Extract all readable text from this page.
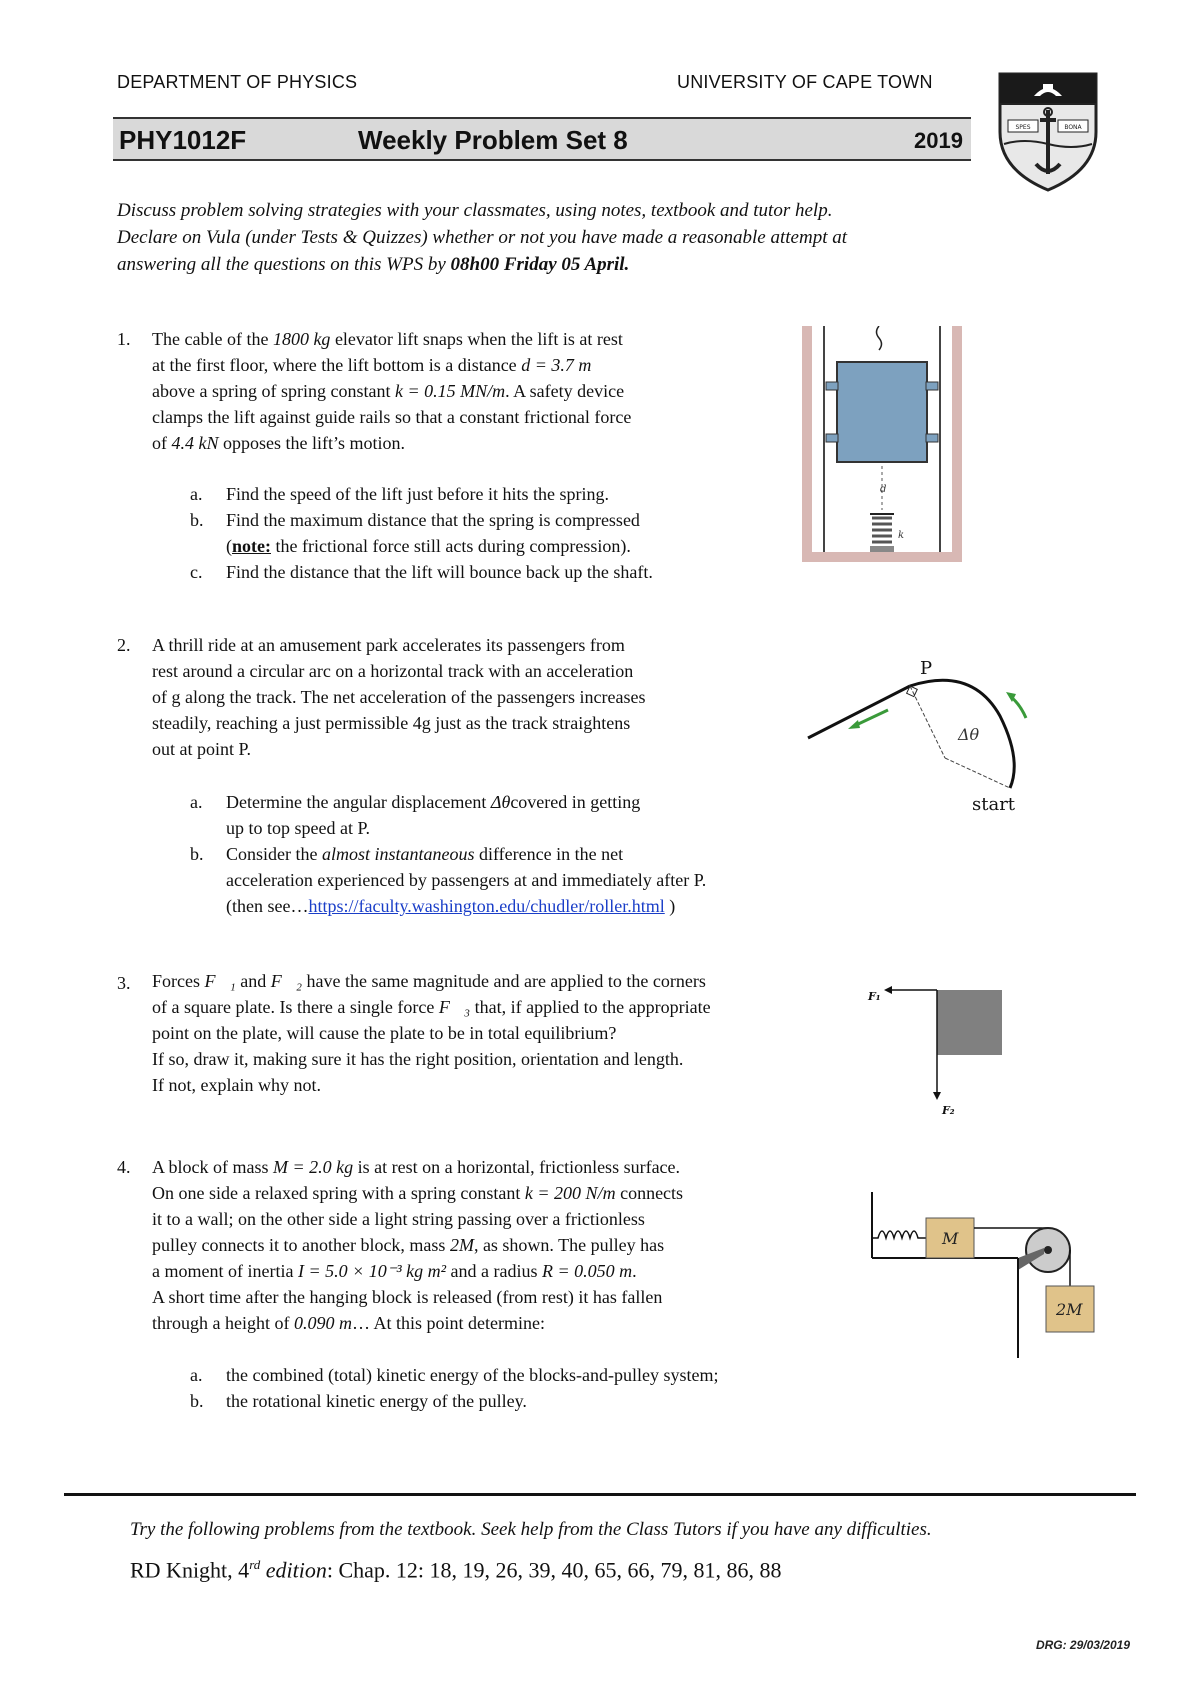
DEPARTMENT OF PHYSICS	UNIVERSITY OF CAPE TOWN
PHY1012F	Weekly Problem Set 8	2019
SPES	BONA
Discuss problem solving strategies with your classmates, using notes, textbook and tutor help.
Declare on Vula (under Tests & Quizzes) whether or not you have made a reasonable attempt at
answering all the questions on this WPS by 08h00 Friday 05 April.
1.	The cable of the 1800 kg elevator lift snaps when the lift is at rest
at the first floor, where the lift bottom is a distance d = 3.7 m
above a spring of spring constant k = 0.15 MN/m. A safety device
clamps the lift against guide rails so that a constant frictional force
of 4.4 kN opposes the lift’s motion.
a. Find the speed of the lift just before it hits the spring.
b. Find the maximum distance that the spring is compressed
(note: the frictional force still acts during compression).
c. Find the distance that the lift will bounce back up the shaft.
d
k
2.	A thrill ride at an amusement park accelerates its passengers from
rest around a circular arc on a horizontal track with an acceleration
of g along the track. The net acceleration of the passengers increases
steadily, reaching a just permissible 4g just as the track straightens
out at point P.
a. Determine the angular displacement Δθcovered in getting
up to top speed at P.
b. Consider the almost instantaneous difference in the net
acceleration experienced by passengers at and immediately after P.
(then see…https://faculty.washington.edu/chudler/roller.html )
P
Δθ
start
3.	Forces F⃗₁ and F⃗₂ have the same magnitude and are applied to the corners
of a square plate. Is there a single force F⃗₃ that, if applied to the appropriate
point on the plate, will cause the plate to be in total equilibrium?
If so, draw it, making sure it has the right position, orientation and length.
If not, explain why not.
F₁
F₂
4.	A block of mass M = 2.0 kg is at rest on a horizontal, frictionless surface.
On one side a relaxed spring with a spring constant k = 200 N/m connects
it to a wall; on the other side a light string passing over a frictionless
pulley connects it to another block, mass 2M, as shown. The pulley has
a moment of inertia I = 5.0 × 10⁻³ kg m² and a radius R = 0.050 m.
A short time after the hanging block is released (from rest) it has fallen
through a height of 0.090 m… At this point determine:
a. the combined (total) kinetic energy of the blocks-and-pulley system;
b. the rotational kinetic energy of the pulley.
M
2M
Try the following problems from the textbook. Seek help from the Class Tutors if you have any difficulties.
RD Knight, 4rd edition: Chap. 12: 18, 19, 26, 39, 40, 65, 66, 79, 81, 86, 88
DRG: 29/03/2019
